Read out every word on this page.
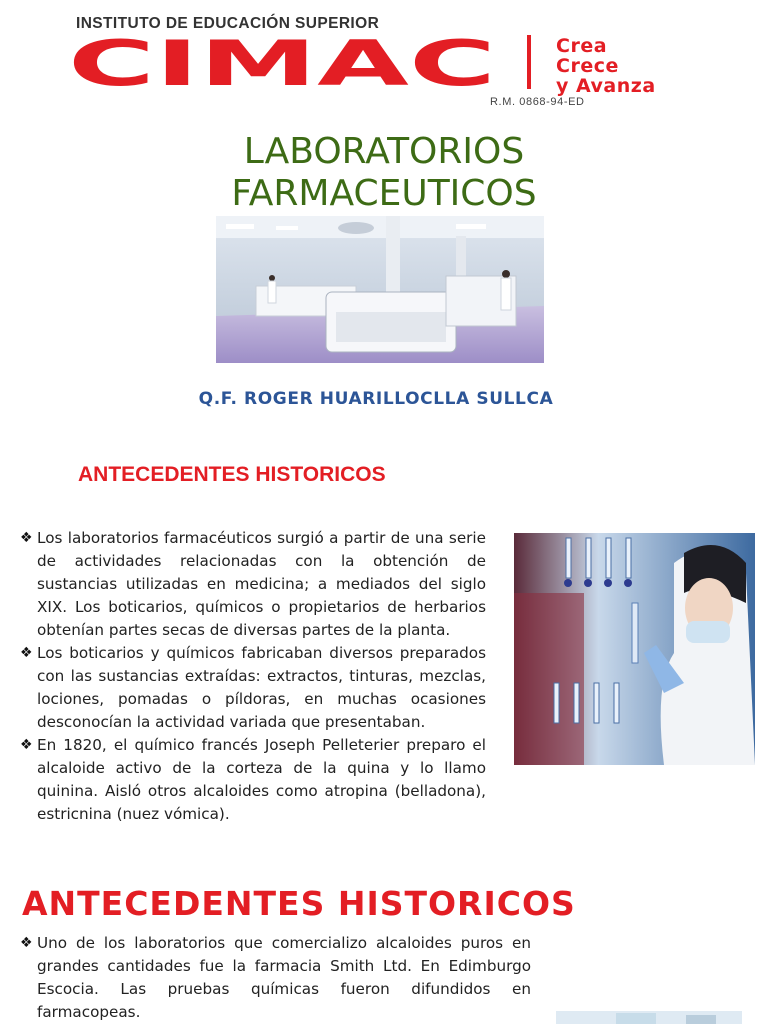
INSTITUTO DE EDUCACIÓN SUPERIOR
CIMAC	Crea
Crece
y Avanza
R.M. 0868-94-ED
LABORATORIOS
FARMACEUTICOS
Q.F. ROGER HUARILLOCLLA SULLCA
ANTECEDENTES HISTORICOS
❖ Los laboratorios farmacéuticos surgió a partir de una serie de actividades relacionadas con la obtención de sustancias utilizadas en medicina; a mediados del siglo XIX. Los boticarios, químicos o propietarios de herbarios obtenían partes secas de diversas partes de la planta.
❖ Los boticarios y químicos fabricaban diversos preparados con las sustancias extraídas: extractos, tinturas, mezclas, lociones, pomadas o píldoras, en muchas ocasiones desconocían la actividad variada que presentaban.
❖ En 1820, el químico francés Joseph Pelleterier preparo el alcaloide activo de la corteza de la quina y lo llamo quinina. Aisló otros alcaloides como atropina (belladona), estricnina (nuez vómica).
ANTECEDENTES HISTORICOS
❖ Uno de los laboratorios que comercializo alcaloides puros en grandes cantidades fue la farmacia Smith Ltd. En Edimburgo Escocia. Las pruebas químicas fueron difundidos en farmacopeas.
